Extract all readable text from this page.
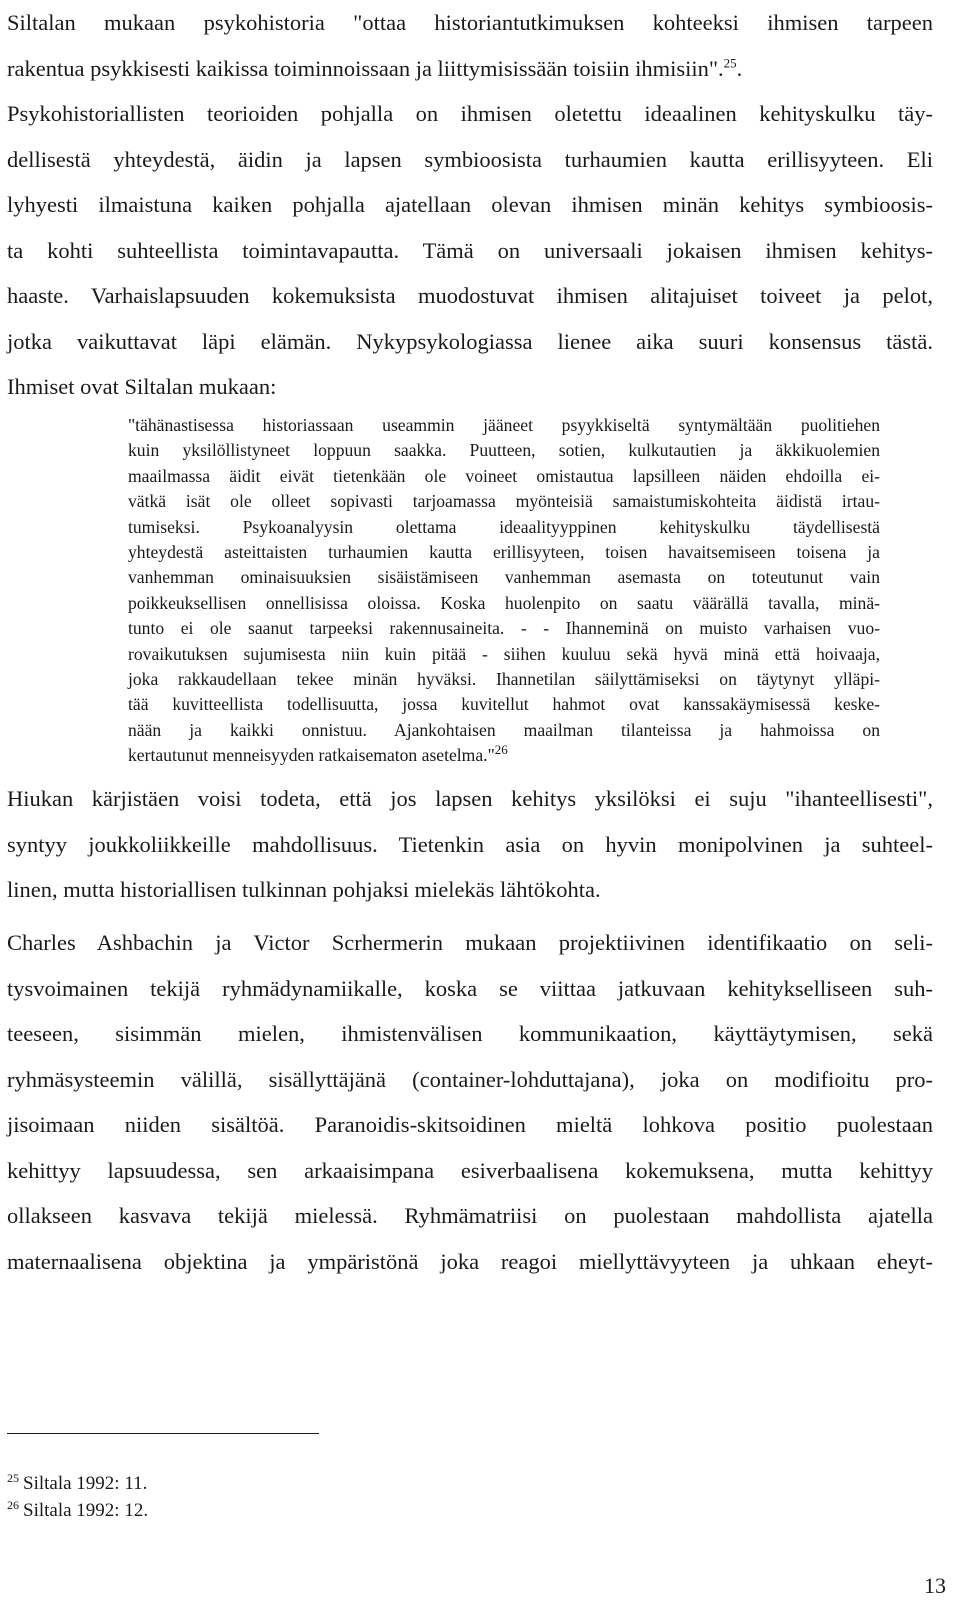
Siltalan mukaan psykohistoria "ottaa historiantutkimuksen kohteeksi ihmisen tarpeen
rakentua psykkisesti kaikissa toiminnoissaan ja liittymisissään toisiin ihmisiin".$^{25}$.
Psykohistoriallisten teorioiden pohjalla on ihmisen oletettu ideaalinen kehityskulku täy-
dellisestä yhteydestä, äidin ja lapsen symbioosista turhaumien kautta erillisyyteen. Eli
lyhyesti ilmaistuna kaiken pohjalla ajatellaan olevan ihmisen minän kehitys symbioosis-
ta kohti suhteellista toimintavapautta. Tämä on universaali jokaisen ihmisen kehitys-
haaste. Varhaislapsuuden kokemuksista muodostuvat ihmisen alitajuiset toiveet ja pelot,
jotka vaikuttavat läpi elämän. Nykypsykologiassa lienee aika suuri konsensus tästä.
Ihmiset ovat Siltalan mukaan:
"tähänastisessa historiassaan useammin jääneet psyykkiseltä syntymältään puolitiehen
kuin yksilöllistyneet loppuun saakka. Puutteen, sotien, kulkutautien ja äkkikuolemien
maailmassa äidit eivät tietenkään ole voineet omistautua lapsilleen näiden ehdoilla ei-
vätkä isät ole olleet sopivasti tarjoamassa myönteisiä samaistumiskohteita äidistä irtau-
tumiseksi. Psykoanalyysin olettama ideaalityyppinen kehityskulku täydellisestä
yhteydestä asteittaisten turhaumien kautta erillisyyteen, toisen havaitsemiseen toisena ja
vanhemman ominaisuuksien sisäistämiseen vanhemman asemasta on toteutunut vain
poikkeuksellisen onnellisissa oloissa. Koska huolenpito on saatu väärällä tavalla, minä-
tunto ei ole saanut tarpeeksi rakennusaineita. - - Ihanneminä on muisto varhaisen vuo-
rovaikutuksen sujumisesta niin kuin pitää - siihen kuuluu sekä hyvä minä että hoivaaja,
joka rakkaudellaan tekee minän hyväksi. Ihannetilan säilyttämiseksi on täytynyt ylläpi-
tää kuvitteellista todellisuutta, jossa kuvitellut hahmot ovat kanssakäymisessä keske-
nään ja kaikki onnistuu. Ajankohtaisen maailman tilanteissa ja hahmoissa on
kertautunut menneisyyden ratkaisematon asetelma."$^{26}$
Hiukan kärjistäen voisi todeta, että jos lapsen kehitys yksilöksi ei suju "ihanteellisesti",
syntyy joukkoliikkeille mahdollisuus. Tietenkin asia on hyvin monipolvinen ja suhteel-
linen, mutta historiallisen tulkinnan pohjaksi mielekäs lähtökohta.
Charles Ashbachin ja Victor Scrhermerin mukaan projektiivinen identifikaatio on seli-
tysvoimainen tekijä ryhmädynamiikalle, koska se viittaa jatkuvaan kehitykselliseen suh-
teeseen, sisimmän mielen, ihmistenvälisen kommunikaation, käyttäytymisen, sekä
ryhmäsysteemin välillä, sisällyttäjänä (container-lohduttajana), joka on modifioitu pro-
jisoimaan niiden sisältöä. Paranoidis-skitsoidinen mieltä lohkova positio puolestaan
kehittyy lapsuudessa, sen arkaaisimpana esiverbaalisena kokemuksena, mutta kehittyy
ollakseen kasvava tekijä mielessä. Ryhmämatriisi on puolestaan mahdollista ajatella
maternaalisena objektina ja ympäristönä joka reagoi miellyttävyyteen ja uhkaan eheyt-
$^{25}$ Siltala 1992: 11.
$^{26}$ Siltala 1992: 12.
13
